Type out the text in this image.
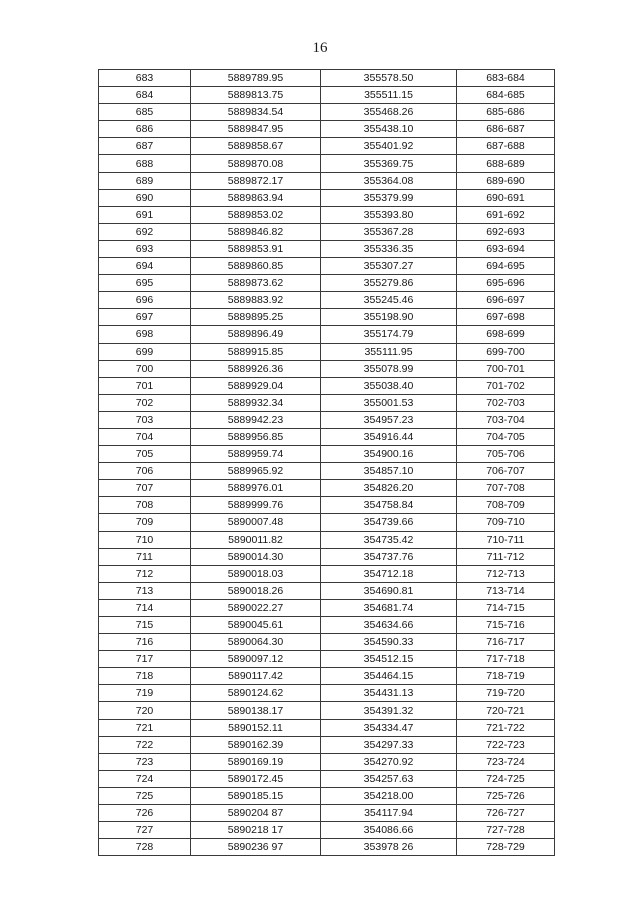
16
683	5889789.95	355578.50	683-684
684	5889813.75	355511.15	684-685
685	5889834.54	355468.26	685-686
686	5889847.95	355438.10	686-687
687	5889858.67	355401.92	687-688
688	5889870.08	355369.75	688-689
689	5889872.17	355364.08	689-690
690	5889863.94	355379.99	690-691
691	5889853.02	355393.80	691-692
692	5889846.82	355367.28	692-693
693	5889853.91	355336.35	693-694
694	5889860.85	355307.27	694-695
695	5889873.62	355279.86	695-696
696	5889883.92	355245.46	696-697
697	5889895.25	355198.90	697-698
698	5889896.49	355174.79	698-699
699	5889915.85	355111.95	699-700
700	5889926.36	355078.99	700-701
701	5889929.04	355038.40	701-702
702	5889932.34	355001.53	702-703
703	5889942.23	354957.23	703-704
704	5889956.85	354916.44	704-705
705	5889959.74	354900.16	705-706
706	5889965.92	354857.10	706-707
707	5889976.01	354826.20	707-708
708	5889999.76	354758.84	708-709
709	5890007.48	354739.66	709-710
710	5890011.82	354735.42	710-711
711	5890014.30	354737.76	711-712
712	5890018.03	354712.18	712-713
713	5890018.26	354690.81	713-714
714	5890022.27	354681.74	714-715
715	5890045.61	354634.66	715-716
716	5890064.30	354590.33	716-717
717	5890097.12	354512.15	717-718
718	5890117.42	354464.15	718-719
719	5890124.62	354431.13	719-720
720	5890138.17	354391.32	720-721
721	5890152.11	354334.47	721-722
722	5890162.39	354297.33	722-723
723	5890169.19	354270.92	723-724
724	5890172.45	354257.63	724-725
725	5890185.15	354218.00	725-726
726	5890204 87	354117.94	726-727
727	5890218 17	354086.66	727-728
728	5890236 97	353978 26	728-729
